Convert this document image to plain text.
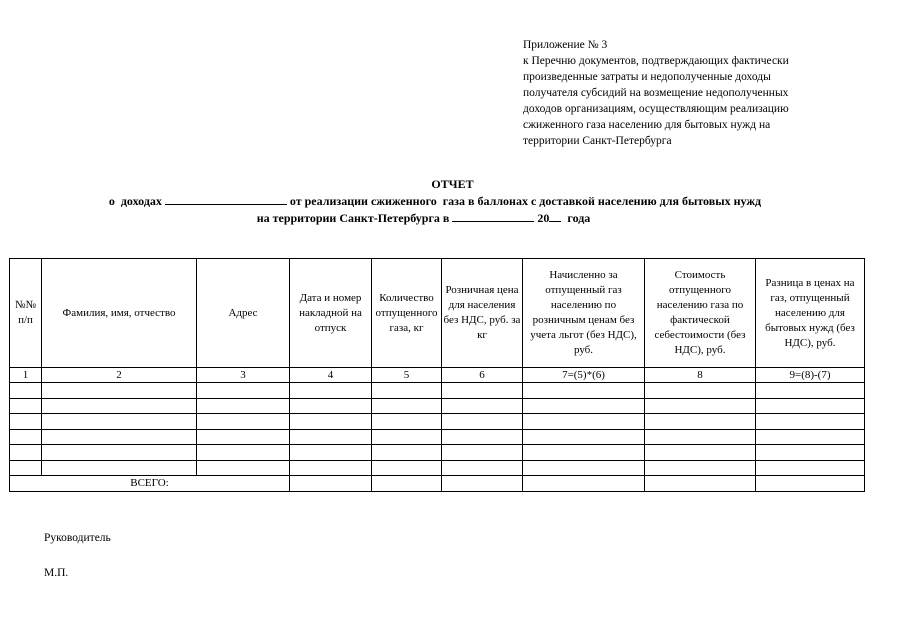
Приложение № 3
к Перечню документов, подтверждающих фактически
произведенные затраты и недополученные доходы
получателя субсидий на возмещение недополученных
доходов организациям, осуществляющим реализацию
сжиженного газа населению для бытовых нужд на
территории Санкт-Петербурга
ОТЧЕТ
о  доходах	от реализации сжиженного  газа в баллонах с доставкой населению для бытовых нужд
на территории Санкт-Петербурга в	20 года
№№ п/п	Фамилия, имя, отчество	Адрес	Дата и номер накладной на отпуск	Количество отпущенного газа, кг	Розничная цена для населения без НДС, руб. за кг	Начисленно за отпущенный газ населению по розничным ценам без учета льгот (без НДС), руб.	Стоимость отпущенного населению газа по фактической себестоимости (без НДС), руб.	Разница в ценах на газ, отпущенный населению для бытовых нужд (без НДС), руб.
1	2	3	4	5	6	7=(5)*(6)	8	9=(8)-(7)

ВСЕГО:								
Руководитель
М.П.
